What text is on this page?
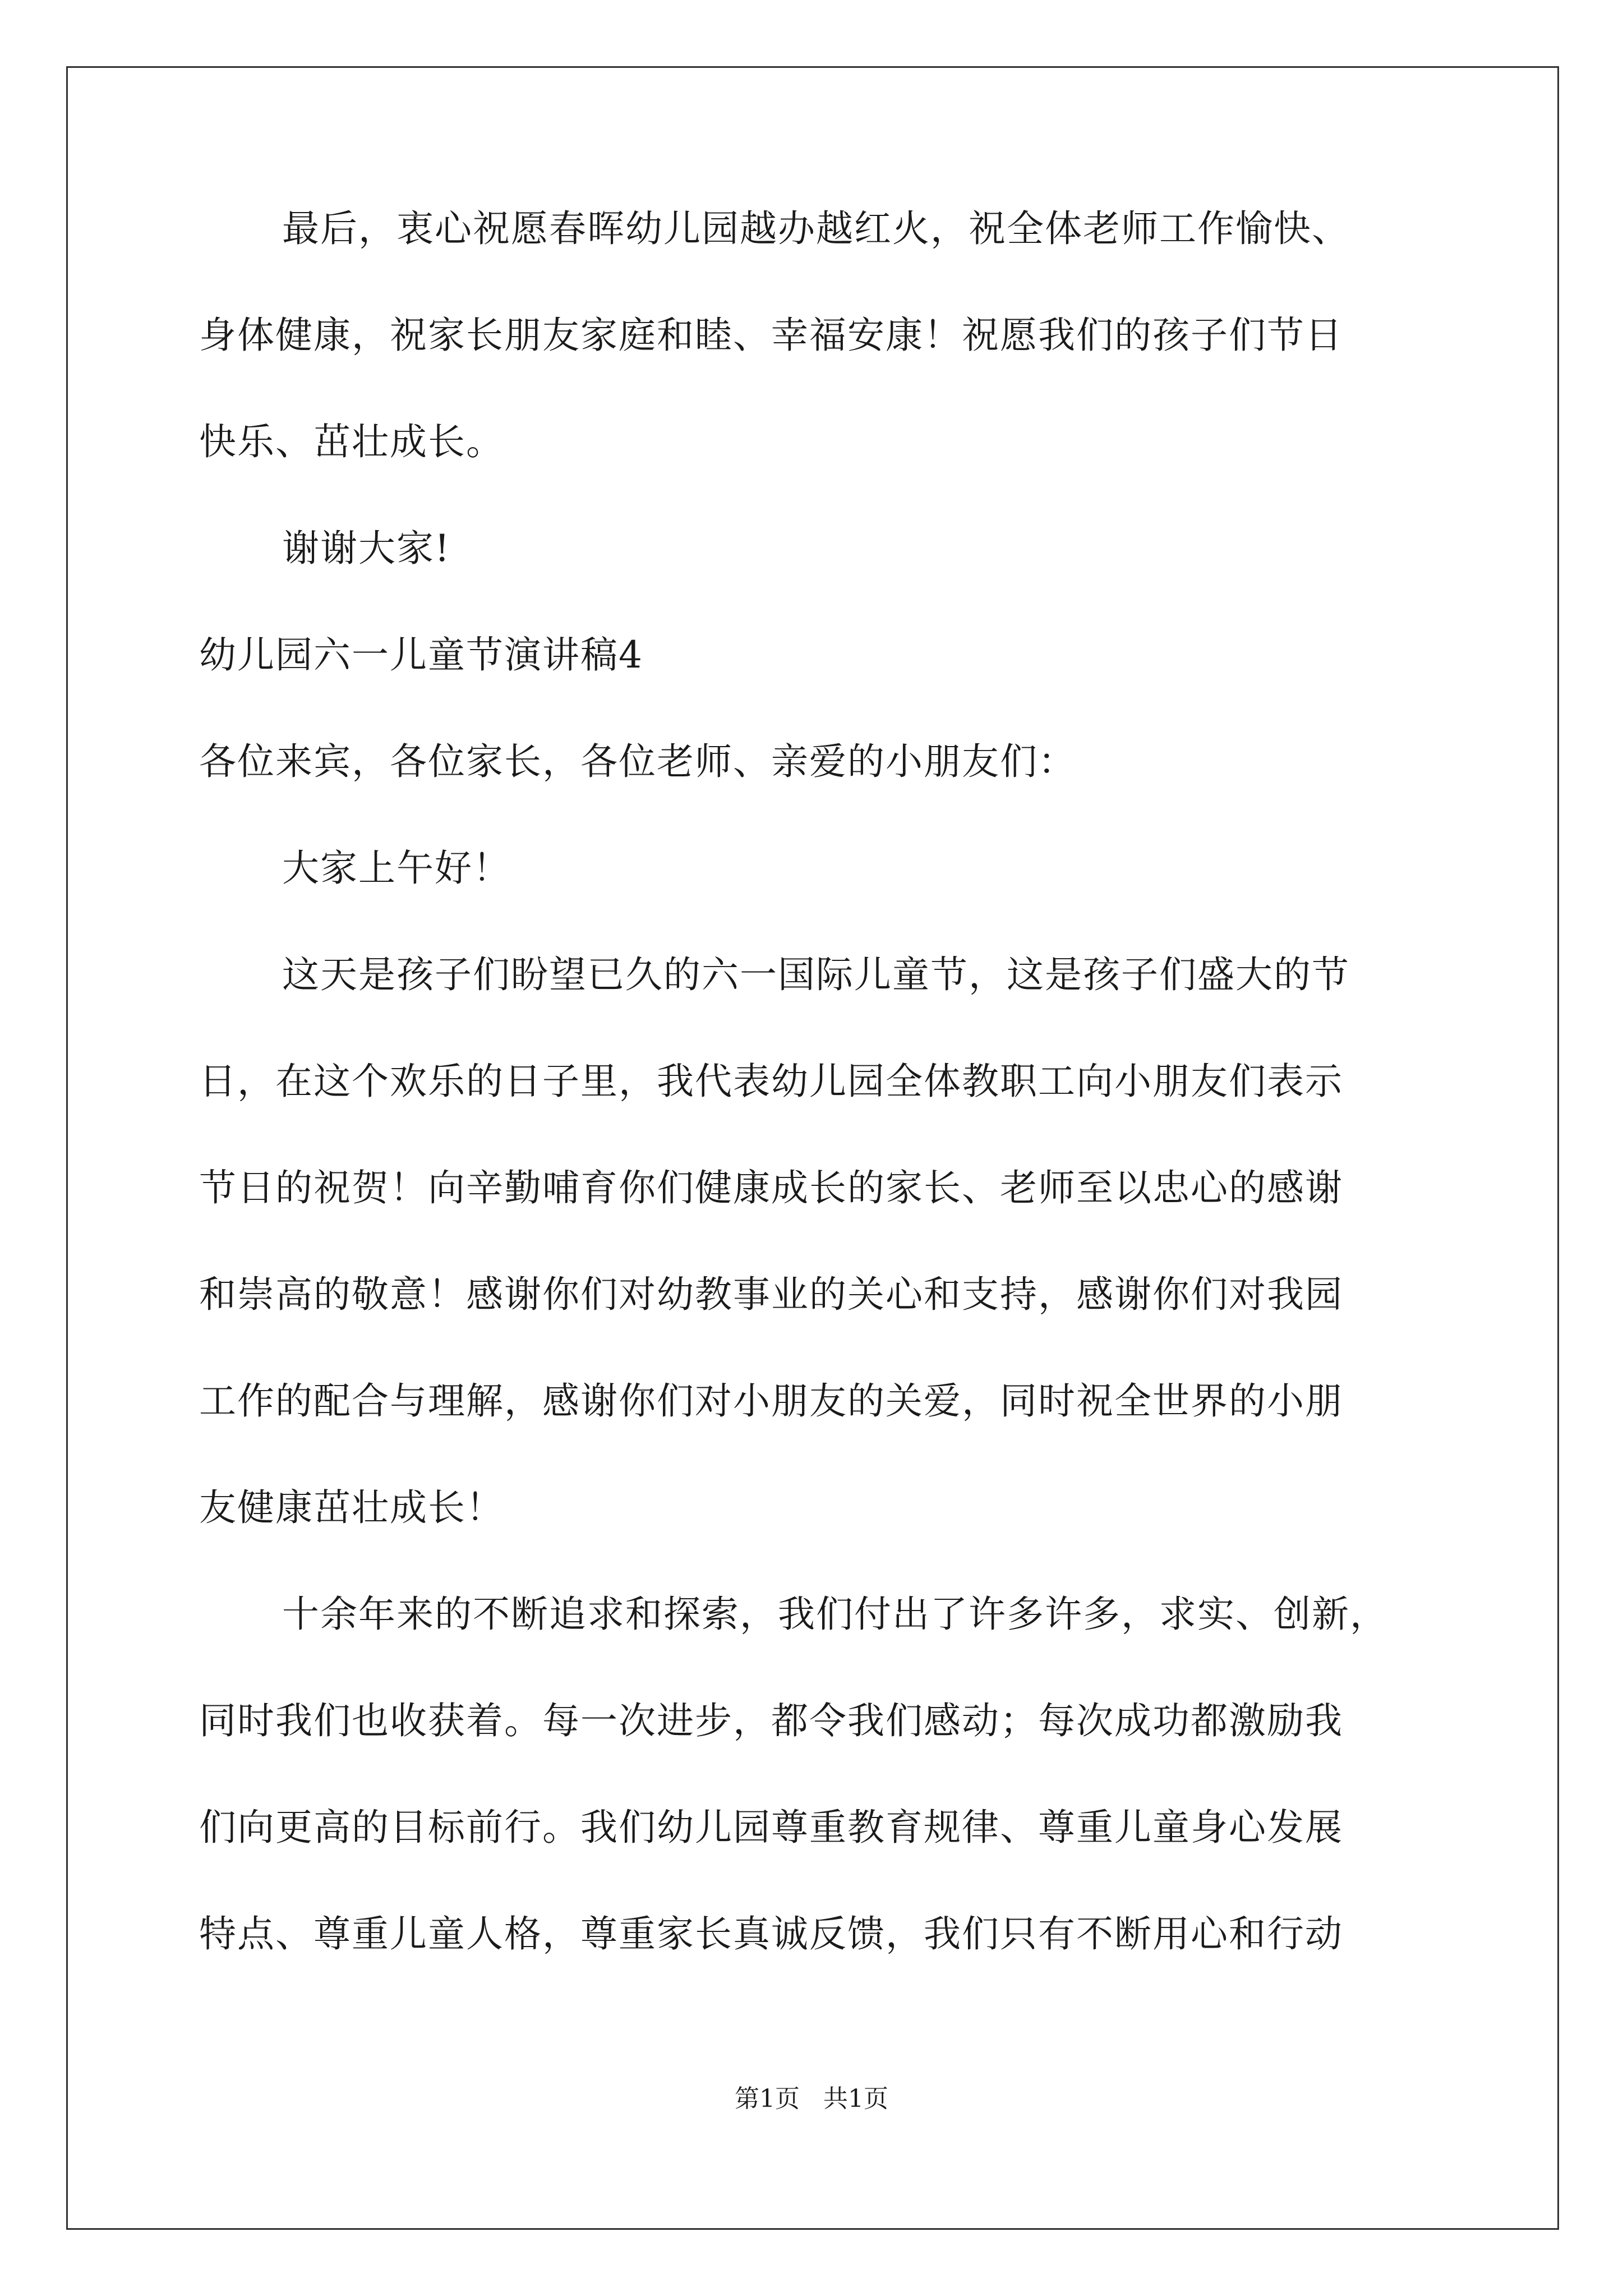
最后，衷心祝愿春晖幼儿园越办越红火，祝全体老师工作愉快、
身体健康，祝家长朋友家庭和睦、幸福安康！祝愿我们的孩子们节日
快乐、茁壮成长。
谢谢大家!
幼儿园六一儿童节演讲稿4
各位来宾，各位家长，各位老师、亲爱的小朋友们：
大家上午好！
这天是孩子们盼望已久的六一国际儿童节，这是孩子们盛大的节
日，在这个欢乐的日子里，我代表幼儿园全体教职工向小朋友们表示
节日的祝贺！向辛勤哺育你们健康成长的家长、老师至以忠心的感谢
和崇高的敬意！感谢你们对幼教事业的关心和支持，感谢你们对我园
工作的配合与理解，感谢你们对小朋友的关爱，同时祝全世界的小朋
友健康茁壮成长！
十余年来的不断追求和探索，我们付出了许多许多，求实、创新，
同时我们也收获着。每一次进步，都令我们感动；每次成功都激励我
们向更高的目标前行。我们幼儿园尊重教育规律、尊重儿童身心发展
特点、尊重儿童人格，尊重家长真诚反馈，我们只有不断用心和行动
第1页 共1页
